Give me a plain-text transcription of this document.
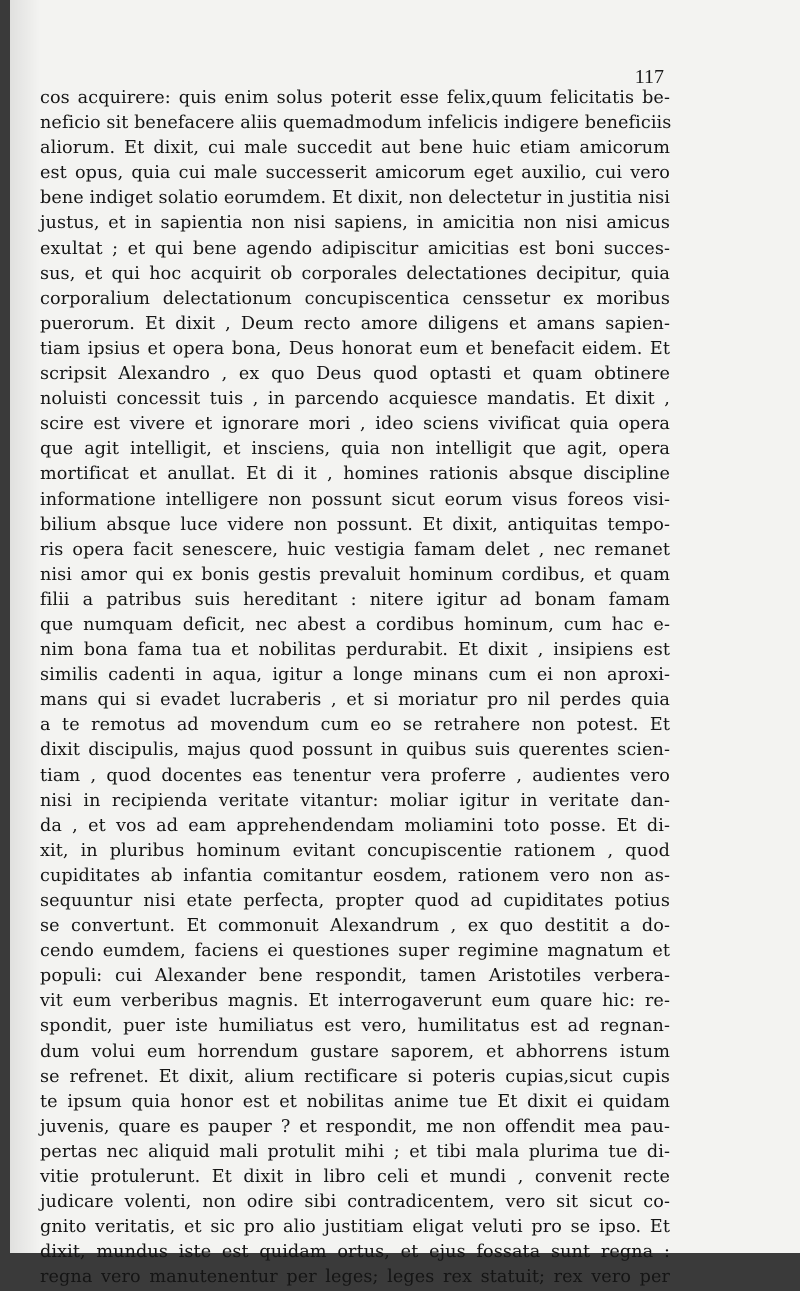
117
cos acquirere: quis enim solus poterit esse felix,quum felicitatis be-
neficio sit benefacere aliis quemadmodum infelicis indigere beneficiis
aliorum. Et dixit, cui male succedit aut bene huic etiam amicorum
est opus, quia cui male successerit amicorum eget auxilio, cui vero
bene indiget solatio eorumdem. Et dixit, non delectetur in justitia nisi
justus, et in sapientia non nisi sapiens, in amicitia non nisi amicus
exultat ; et qui bene agendo adipiscitur amicitias est boni succes-
sus, et qui hoc acquirit ob corporales delectationes decipitur, quia
corporalium delectationum concupiscentica censsetur ex moribus
puerorum. Et dixit , Deum recto amore diligens et amans sapien-
tiam ipsius et opera bona, Deus honorat eum et benefacit eidem. Et
scripsit Alexandro , ex quo Deus quod optasti et quam obtinere
noluisti concessit tuis , in parcendo acquiesce mandatis. Et dixit ,
scire est vivere et ignorare mori , ideo sciens vivificat quia opera
que agit intelligit, et insciens, quia non intelligit que agit, opera
mortificat et anullat. Et di it , homines rationis absque discipline
informatione intelligere non possunt sicut eorum visus foreos visi-
bilium absque luce videre non possunt. Et dixit, antiquitas tempo-
ris opera facit senescere, huic vestigia famam delet , nec remanet
nisi amor qui ex bonis gestis prevaluit hominum cordibus, et quam
filii a patribus suis hereditant : nitere igitur ad bonam famam
que numquam deficit, nec abest a cordibus hominum, cum hac e-
nim bona fama tua et nobilitas perdurabit. Et dixit , insipiens est
similis cadenti in aqua, igitur a longe minans cum ei non aproxi-
mans qui si evadet lucraberis , et si moriatur pro nil perdes quia
a te remotus ad movendum cum eo se retrahere non potest. Et
dixit discipulis, majus quod possunt in quibus suis querentes scien-
tiam , quod docentes eas tenentur vera proferre , audientes vero
nisi in recipienda veritate vitantur: moliar igitur in veritate dan-
da , et vos ad eam apprehendendam moliamini toto posse. Et di-
xit, in pluribus hominum evitant concupiscentie rationem , quod
cupiditates ab infantia comitantur eosdem, rationem vero non as-
sequuntur nisi etate perfecta, propter quod ad cupiditates potius
se convertunt. Et commonuit Alexandrum , ex quo destitit a do-
cendo eumdem, faciens ei questiones super regimine magnatum et
populi: cui Alexander bene respondit, tamen Aristotiles verbera-
vit eum verberibus magnis. Et interrogaverunt eum quare hic: re-
spondit, puer iste humiliatus est vero, humilitatus est ad regnan-
dum volui eum horrendum gustare saporem, et abhorrens istum
se refrenet. Et dixit, alium rectificare si poteris cupias,sicut cupis
te ipsum quia honor est et nobilitas anime tue Et dixit ei quidam
juvenis, quare es pauper ? et respondit, me non offendit mea pau-
pertas nec aliquid mali protulit mihi ; et tibi mala plurima tue di-
vitie protulerunt. Et dixit in libro celi et mundi , convenit recte
judicare volenti, non odire sibi contradicentem, vero sit sicut co-
gnito veritatis, et sic pro alio justitiam eligat veluti pro se ipso. Et
dixit, mundus iste est quidam ortus, et ejus fossata sunt regna :
regna vero manutenentur per leges; leges rex statuit; rex vero per
